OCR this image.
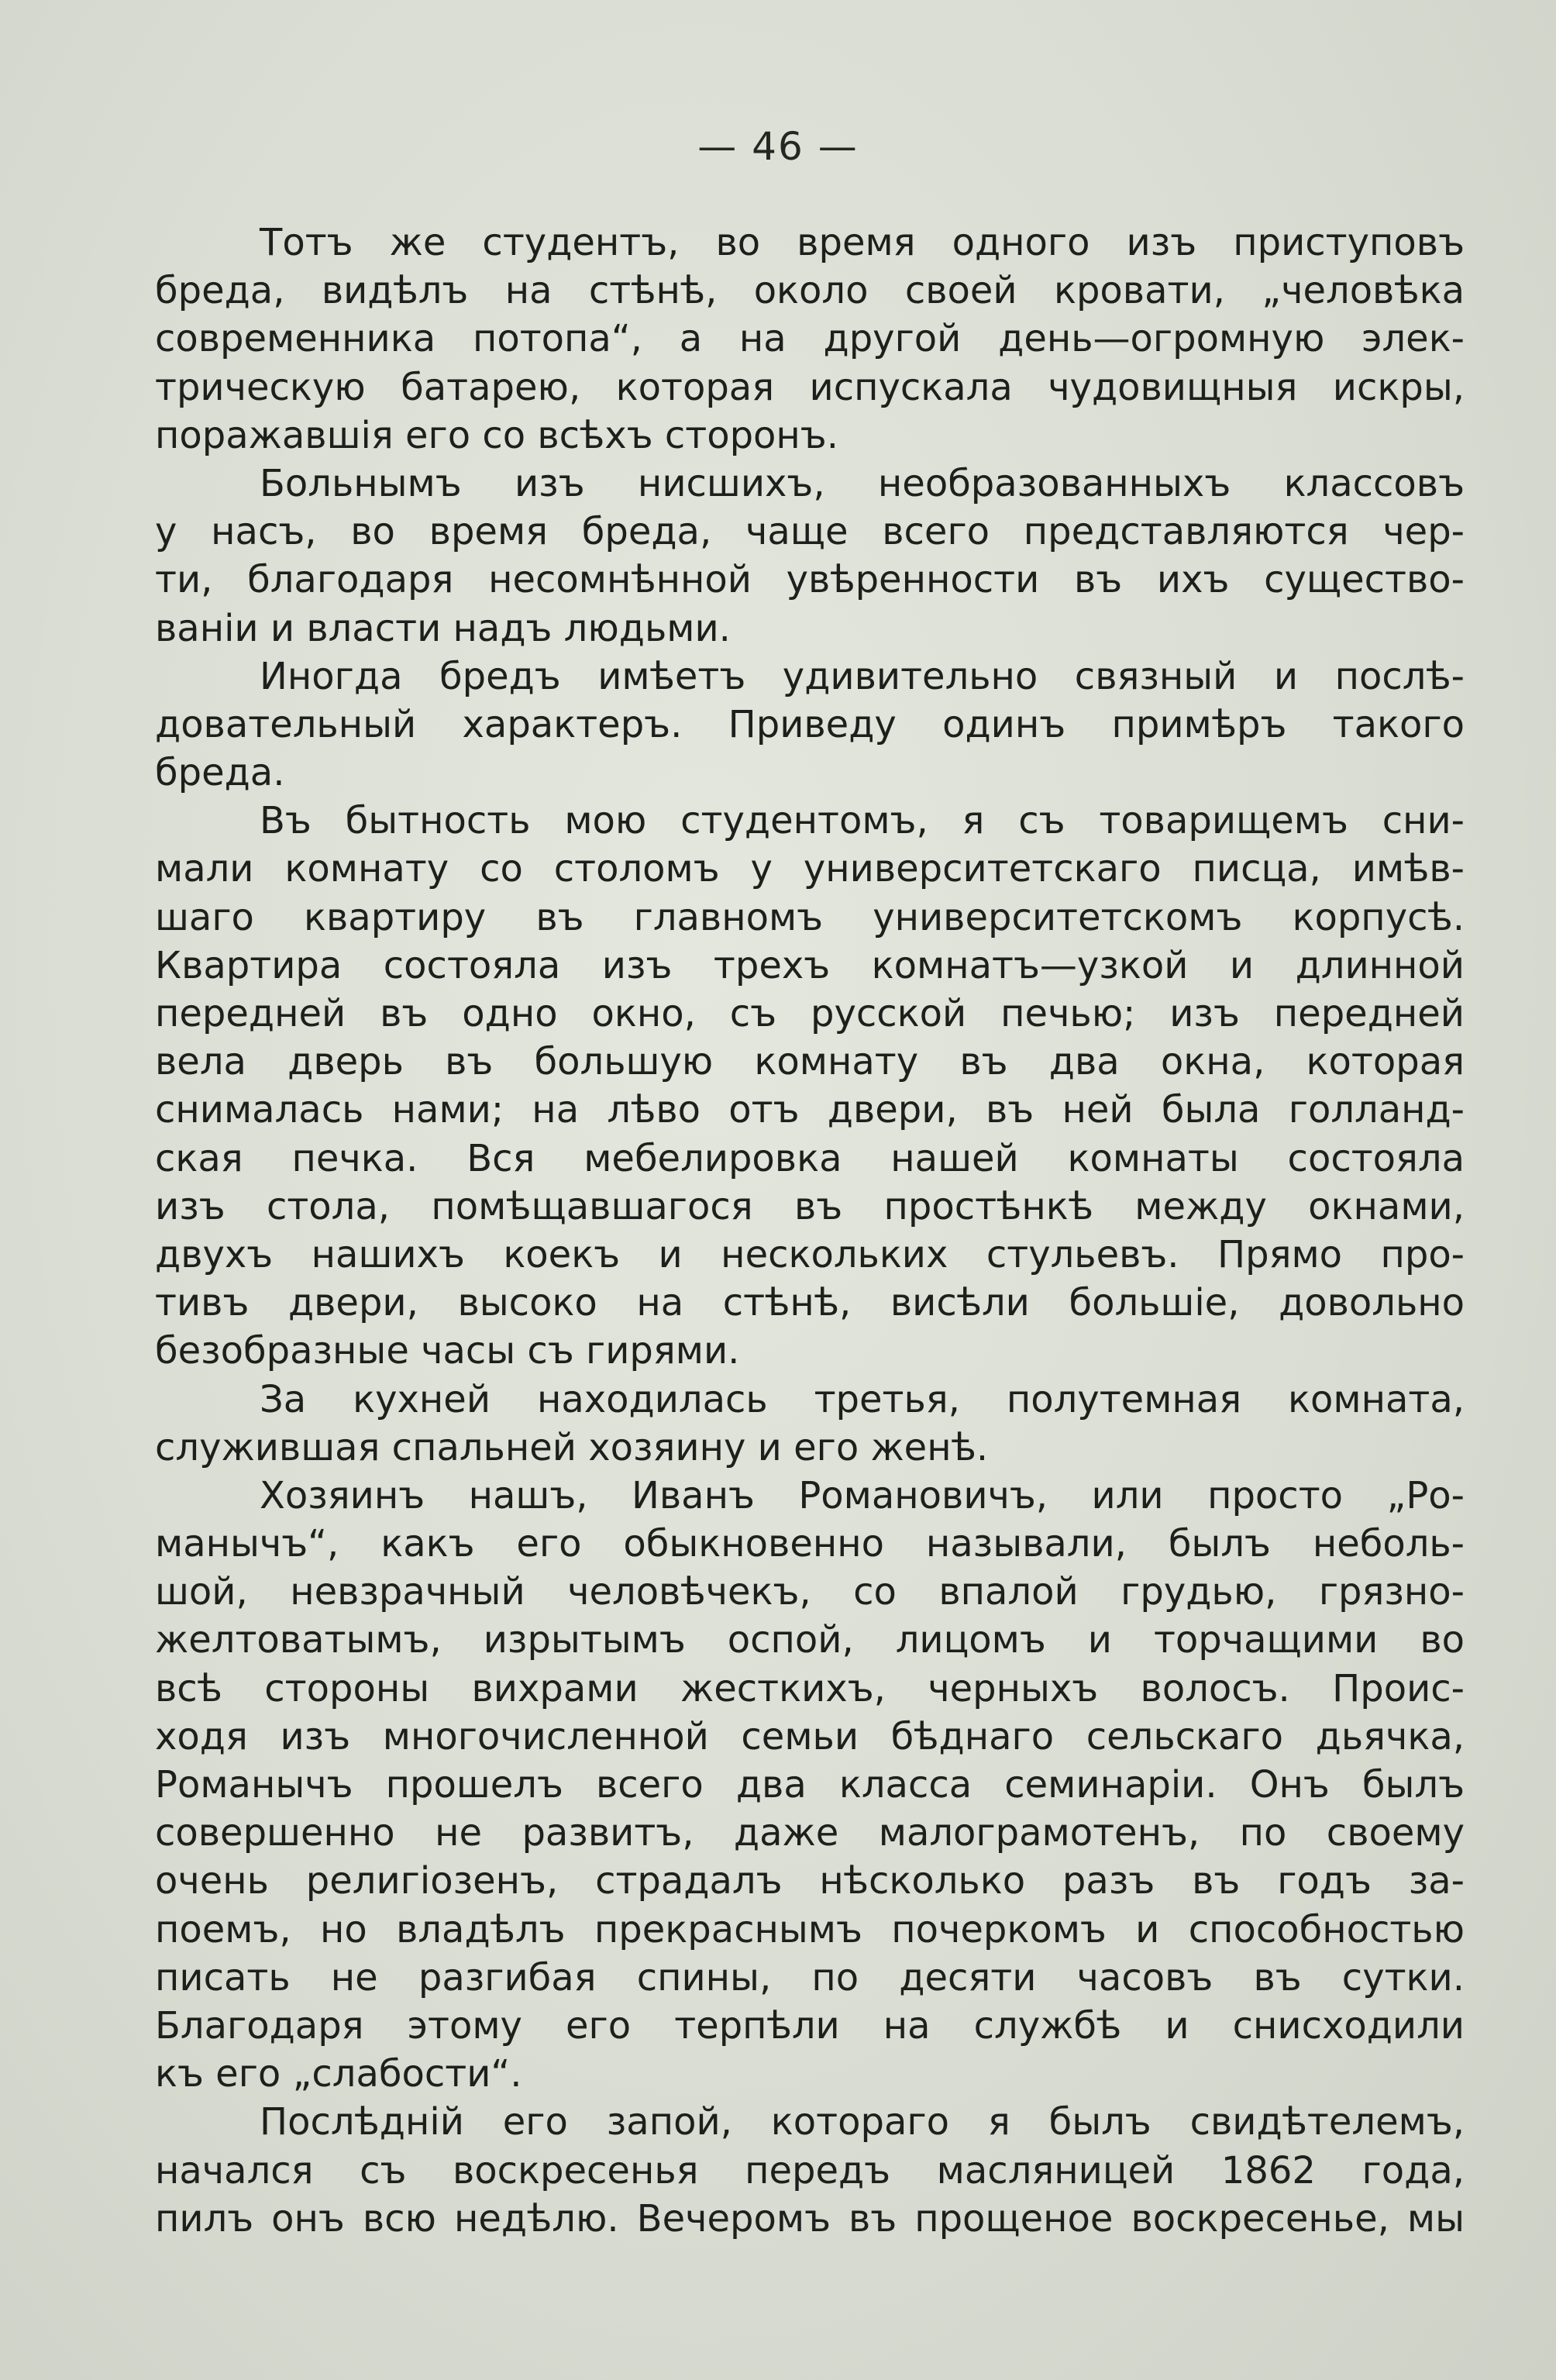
— 46 —
Тотъ же студентъ, во время одного изъ приступовъ
бреда, видѣлъ на стѣнѣ, около своей кровати, „человѣка
современника потопа“, а на другой день—огромную элек-
трическую батарею, которая испускала чудовищныя искры,
поражавшія его со всѣхъ сторонъ.
Больнымъ изъ нисшихъ, необразованныхъ классовъ
у насъ, во время бреда, чаще всего представляются чер-
ти, благодаря несомнѣнной увѣренности въ ихъ существо-
ваніи и власти надъ людьми.
Иногда бредъ имѣетъ удивительно связный и послѣ-
довательный характеръ. Приведу одинъ примѣръ такого
бреда.
Въ бытность мою студентомъ, я съ товарищемъ сни-
мали комнату со столомъ у университетскаго писца, имѣв-
шаго квартиру въ главномъ университетскомъ корпусѣ.
Квартира состояла изъ трехъ комнатъ—узкой и длинной
передней въ одно окно, съ русской печью; изъ передней
вела дверь въ большую комнату въ два окна, которая
снималась нами; на лѣво отъ двери, въ ней была голланд-
ская печка. Вся мебелировка нашей комнаты состояла
изъ стола, помѣщавшагося въ простѣнкѣ между окнами,
двухъ нашихъ коекъ и нескольких стульевъ. Прямо про-
тивъ двери, высоко на стѣнѣ, висѣли большіе, довольно
безобразные часы съ гирями.
За кухней находилась третья, полутемная комната,
служившая спальней хозяину и его женѣ.
Хозяинъ нашъ, Иванъ Романовичъ, или просто „Ро-
манычъ“, какъ его обыкновенно называли, былъ неболь-
шой, невзрачный человѣчекъ, со впалой грудью, грязно-
желтоватымъ, изрытымъ оспой, лицомъ и торчащими во
всѣ стороны вихрами жесткихъ, черныхъ волосъ. Проис-
ходя изъ многочисленной семьи бѣднаго сельскаго дьячка,
Романычъ прошелъ всего два класса семинаріи. Онъ былъ
совершенно не развитъ, даже малограмотенъ, по своему
очень религіозенъ, страдалъ нѣсколько разъ въ годъ за-
поемъ, но владѣлъ прекраснымъ почеркомъ и способностью
писать не разгибая спины, по десяти часовъ въ сутки.
Благодаря этому его терпѣли на службѣ и снисходили
къ его „слабости“.
Послѣдній его запой, котораго я былъ свидѣтелемъ,
начался съ воскресенья передъ масляницей 1862 года,
пилъ онъ всю недѣлю. Вечеромъ въ прощеное воскресенье, мы
